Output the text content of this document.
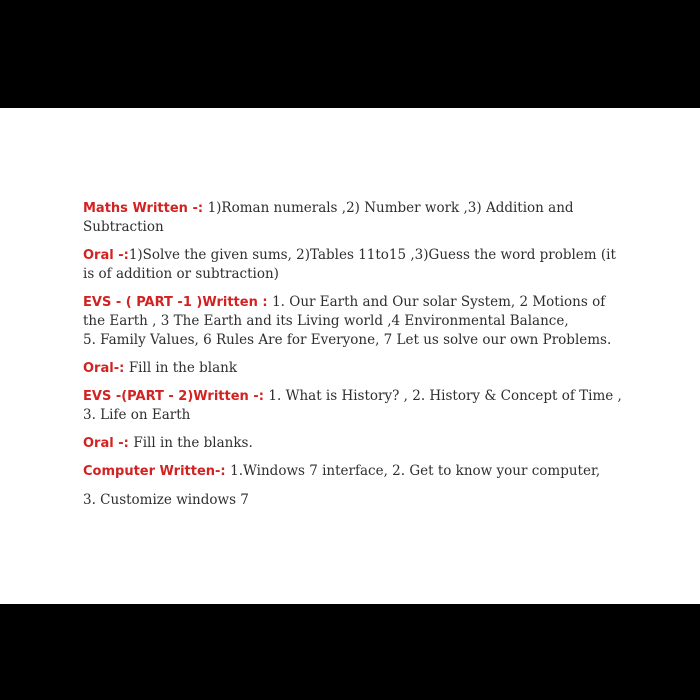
Maths Written -: 1)Roman numerals ,2) Number work ,3) Addition and Subtraction

Oral -:1)Solve the given sums, 2)Tables 11to15 ,3)Guess the word problem (it is of addition or subtraction)

EVS - ( PART -1 )Written : 1. Our Earth and Our solar System, 2 Motions of the Earth , 3 The Earth and its Living world ,4 Environmental Balance,5. Family Values, 6 Rules Are for Everyone, 7 Let us solve our own Problems.

Oral-: Fill in the blank

EVS -(PART - 2)Written -: 1. What is History? , 2. History & Concept of Time , 3. Life on Earth

Oral -: Fill in the blanks.

Computer Written-: 1.Windows 7 interface, 2. Get to know your computer,

3. Customize windows 7
